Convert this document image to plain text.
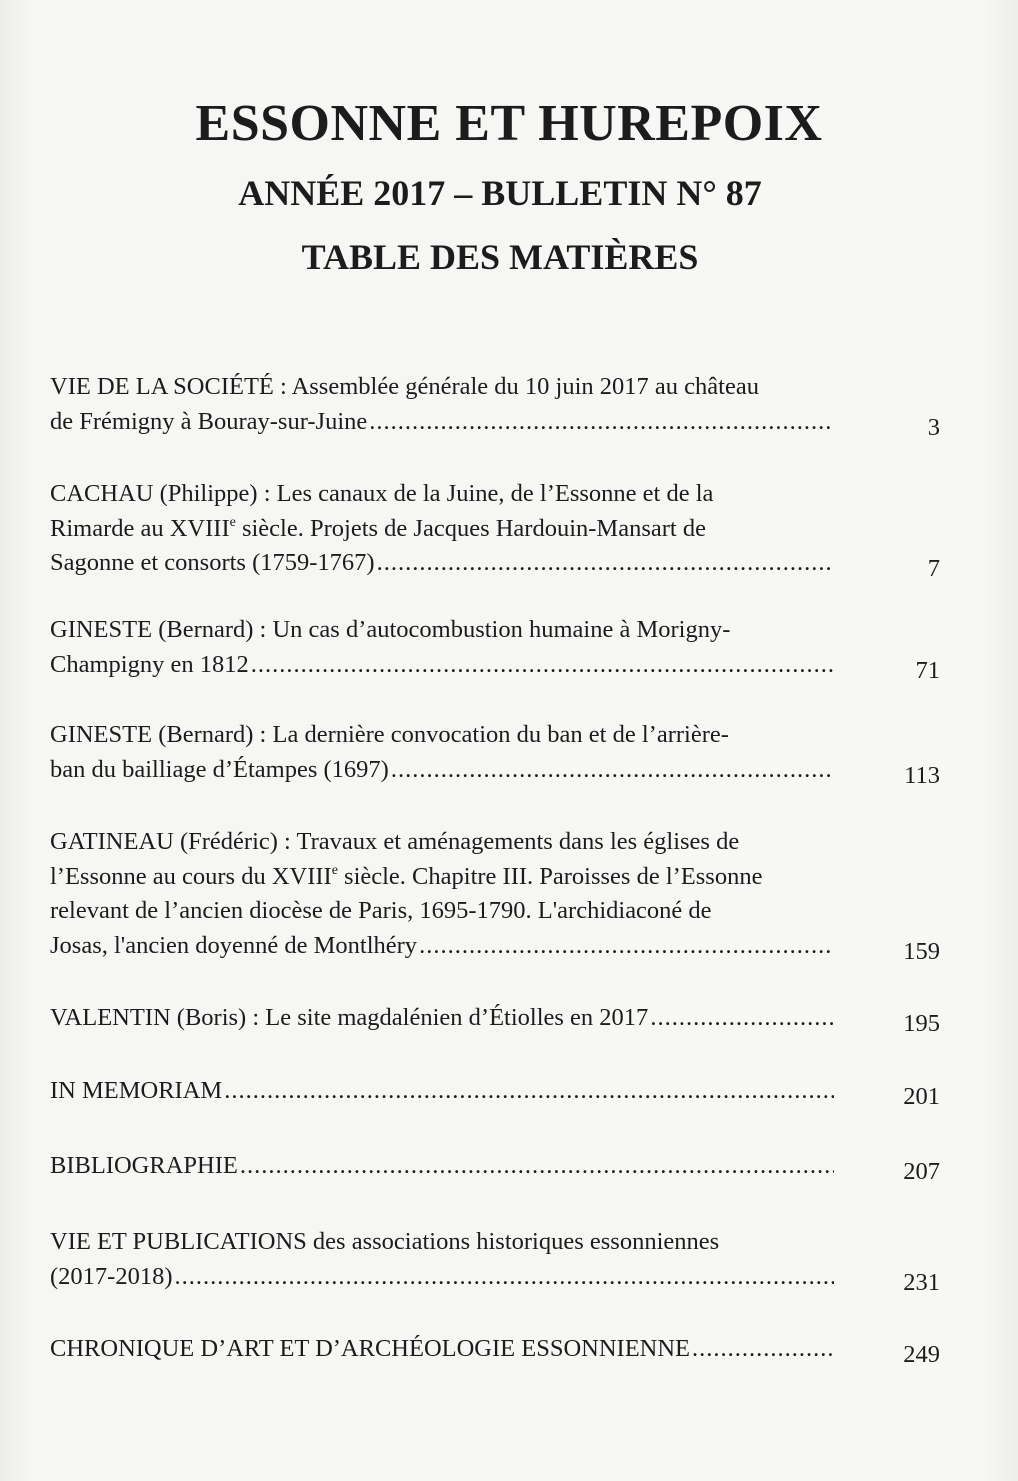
ESSONNE ET HUREPOIX
ANNÉE 2017 – BULLETIN N° 87
TABLE DES MATIÈRES
VIE DE LA SOCIÉTÉ : Assemblée générale du 10 juin 2017 au château
de Frémigny à Bouray-sur-Juine .....	3
CACHAU (Philippe) : Les canaux de la Juine, de l’Essonne et de la
Rimarde au XVIIIe siècle. Projets de Jacques Hardouin-Mansart de
Sagonne et consorts (1759-1767) .....	7
GINESTE (Bernard) : Un cas d’autocombustion humaine à Morigny-
Champigny en 1812 .....	71
GINESTE (Bernard) : La dernière convocation du ban et de l’arrière-
ban du bailliage d’Étampes (1697) .....	113
GATINEAU (Frédéric) : Travaux et aménagements dans les églises de
l’Essonne au cours du XVIIIe siècle. Chapitre III. Paroisses de l’Essonne
relevant de l’ancien diocèse de Paris, 1695-1790. L'archidiaconé de
Josas, l'ancien doyenné de Montlhéry .....	159
VALENTIN (Boris) : Le site magdalénien d’Étiolles en 2017 .....	195
IN MEMORIAM .....	201
BIBLIOGRAPHIE .....	207
VIE ET PUBLICATIONS des associations historiques essonniennes
(2017-2018) .....	231
CHRONIQUE D’ART ET D’ARCHÉOLOGIE ESSONNIENNE .....	249
